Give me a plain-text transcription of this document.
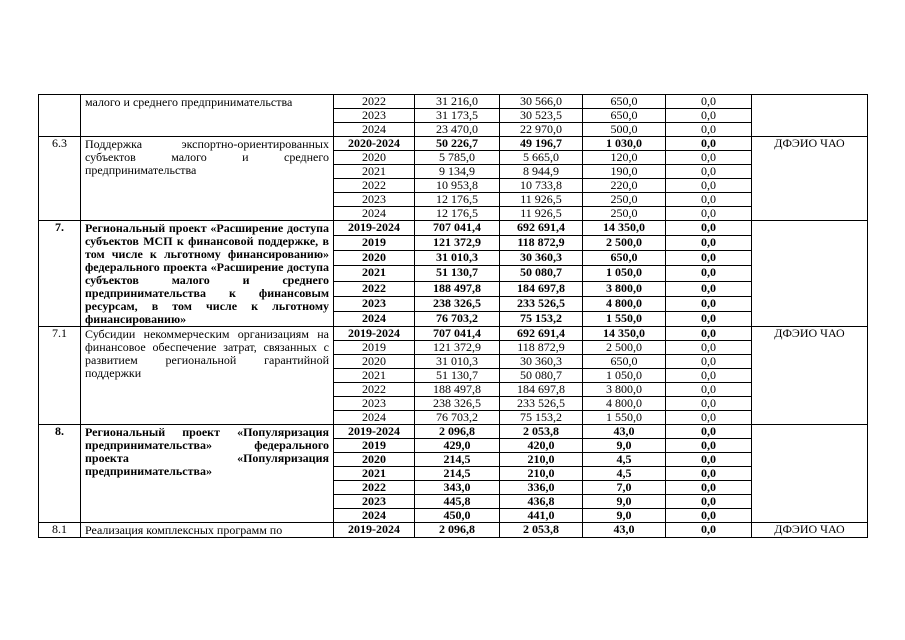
	малого и среднего предпринимательства	2022	31 216,0	30 566,0	650,0	0,0	
		2023	31 173,5	30 523,5	650,0	0,0	
		2024	23 470,0	22 970,0	500,0	0,0	
6.3	Поддержка экспортно-ориентированных субъектов малого и среднего предпринимательства	2020-2024	50 226,7	49 196,7	1 030,0	0,0	ДФЭИО ЧАО
		2020	5 785,0	5 665,0	120,0	0,0	
		2021	9 134,9	8 944,9	190,0	0,0	
		2022	10 953,8	10 733,8	220,0	0,0	
		2023	12 176,5	11 926,5	250,0	0,0	
		2024	12 176,5	11 926,5	250,0	0,0	
7.	Региональный проект «Расширение доступа субъектов МСП к финансовой поддержке, в том числе к льготному финансированию» федерального проекта «Расширение доступа субъектов малого и среднего предпринимательства к финансовым ресурсам, в том числе к льготному финансированию»	2019-2024	707 041,4	692 691,4	14 350,0	0,0	
		2019	121 372,9	118 872,9	2 500,0	0,0	
		2020	31 010,3	30 360,3	650,0	0,0	
		2021	51 130,7	50 080,7	1 050,0	0,0	
		2022	188 497,8	184 697,8	3 800,0	0,0	
		2023	238 326,5	233 526,5	4 800,0	0,0	
		2024	76 703,2	75 153,2	1 550,0	0,0	
7.1	Субсидии некоммерческим организациям на финансовое обеспечение затрат, связанных с развитием региональной гарантийной поддержки	2019-2024	707 041,4	692 691,4	14 350,0	0,0	ДФЭИО ЧАО
		2019	121 372,9	118 872,9	2 500,0	0,0	
		2020	31 010,3	30 360,3	650,0	0,0	
		2021	51 130,7	50 080,7	1 050,0	0,0	
		2022	188 497,8	184 697,8	3 800,0	0,0	
		2023	238 326,5	233 526,5	4 800,0	0,0	
		2024	76 703,2	75 153,2	1 550,0	0,0	
8.	Региональный проект «Популяризация предпринимательства» федерального проекта «Популяризация предпринимательства»	2019-2024	2 096,8	2 053,8	43,0	0,0	
		2019	429,0	420,0	9,0	0,0	
		2020	214,5	210,0	4,5	0,0	
		2021	214,5	210,0	4,5	0,0	
		2022	343,0	336,0	7,0	0,0	
		2023	445,8	436,8	9,0	0,0	
		2024	450,0	441,0	9,0	0,0	
8.1	Реализация комплексных программ по	2019-2024	2 096,8	2 053,8	43,0	0,0	ДФЭИО ЧАО
